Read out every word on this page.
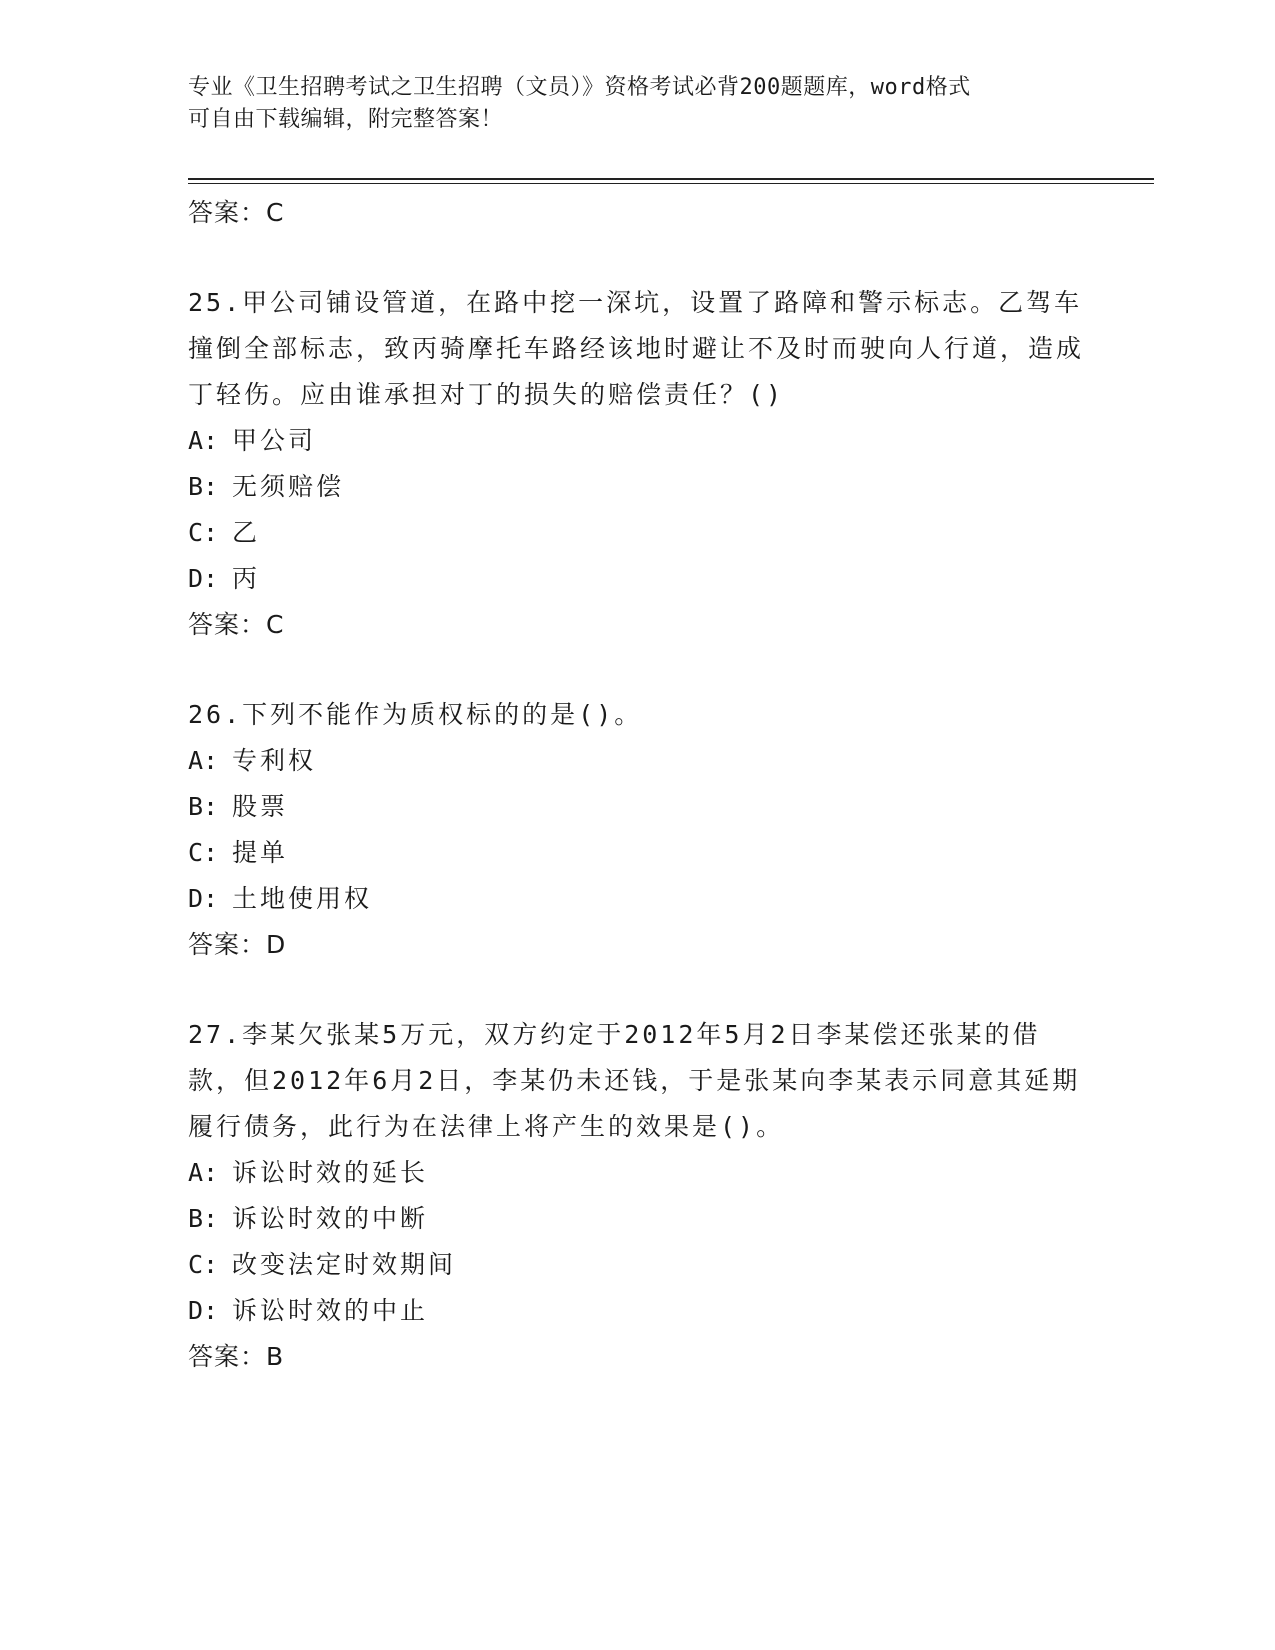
专业《卫生招聘考试之卫生招聘（文员）》资格考试必背200题题库，word格式
可自由下载编辑，附完整答案！
答案：C
25.甲公司铺设管道，在路中挖一深坑，设置了路障和警示标志。乙驾车撞倒全部标志，致丙骑摩托车路经该地时避让不及时而驶向人行道，造成丁轻伤。应由谁承担对丁的损失的赔偿责任？()
A: 甲公司
B: 无须赔偿
C: 乙
D: 丙
答案：C
26.下列不能作为质权标的的是()。
A: 专利权
B: 股票
C: 提单
D: 土地使用权
答案：D
27.李某欠张某5万元，双方约定于2012年5月2日李某偿还张某的借款，但2012年6月2日，李某仍未还钱，于是张某向李某表示同意其延期履行债务，此行为在法律上将产生的效果是()。
A: 诉讼时效的延长
B: 诉讼时效的中断
C: 改变法定时效期间
D: 诉讼时效的中止
答案：B
